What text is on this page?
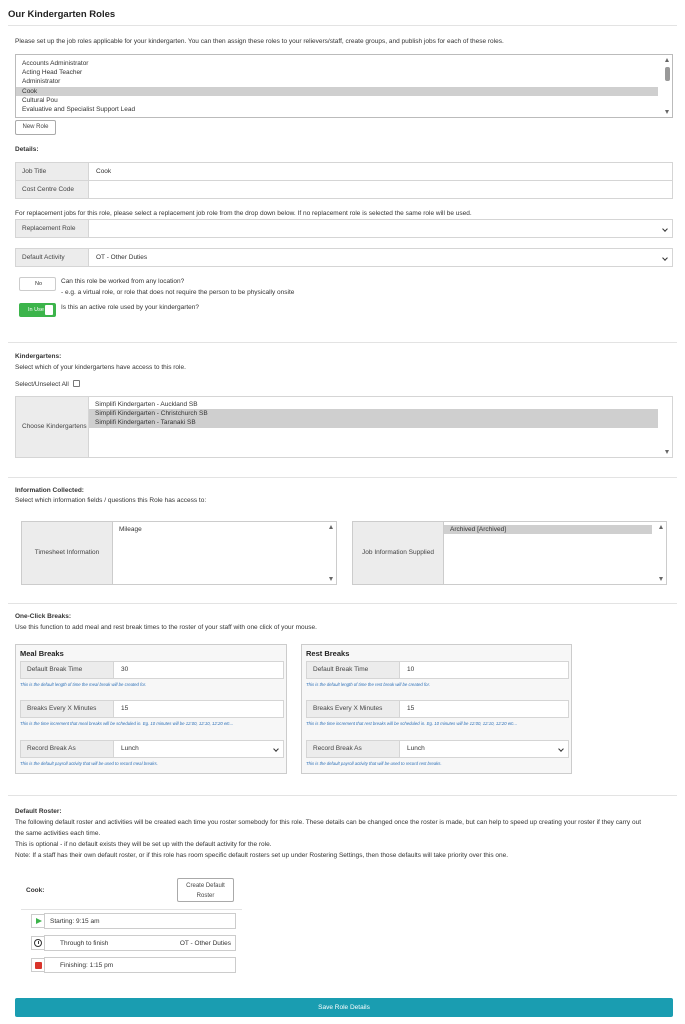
Our Kindergarten Roles
Please set up the job roles applicable for your kindergarten. You can then assign these roles to your relievers/staff, create groups, and publish jobs for each of these roles.
Accounts Administrator
Acting Head Teacher
Administrator
Cook
Cultural Pou
Evaluative and Specialist Support Lead
New Role
Details:
Job Title	Cook
Cost Centre Code
For replacement jobs for this role, please select a replacement job role from the drop down below. If no replacement role is selected the same role will be used.
Replacement Role
Default Activity	OT - Other Duties
No	Can this role be worked from any location?
- e.g. a virtual role, or role that does not require the person to be physically onsite
In Use	Is this an active role used by your kindergarten?
Kindergartens:
Select which of your kindergartens have access to this role.
Select/Unselect All
Choose Kindergartens
Simplifi Kindergarten - Auckland SB
Simplifi Kindergarten - Christchurch SB
Simplifi Kindergarten - Taranaki SB
Information Collected:
Select which information fields / questions this Role has access to:
Timesheet Information
Mileage
Job Information Supplied
Archived [Archived]
One-Click Breaks:
Use this function to add meal and rest break times to the roster of your staff with one click of your mouse.
Meal Breaks
Default Break Time	30
This is the default length of time the meal break will be created for.
Breaks Every X Minutes	15
This is the time increment that meal breaks will be scheduled in. Eg. 10 minutes will be 12:00, 12:10, 12:20 etc...
Record Break As	Lunch
This is the default payroll activity that will be used to record meal breaks.
Rest Breaks
Default Break Time	10
This is the default length of time the rest break will be created for.
Breaks Every X Minutes	15
This is the time increment that rest breaks will be scheduled in. Eg. 10 minutes will be 12:00, 12:10, 12:20 etc...
Record Break As	Lunch
This is the default payroll activity that will be used to record rest breaks.
Default Roster:
The following default roster and activities will be created each time you roster somebody for this role. These details can be changed once the roster is made, but can help to speed up creating your roster if they carry out
the same activities each time.
This is optional - if no default exists they will be set up with the default activity for the role.
Note: If a staff has their own default roster, or if this role has room specific default rosters set up under Rostering Settings, then those defaults will take priority over this one.
Cook:
Create Default
Roster
Starting: 9:15 am
Through to finish	OT - Other Duties
Finishing: 1:15 pm
Save Role Details
